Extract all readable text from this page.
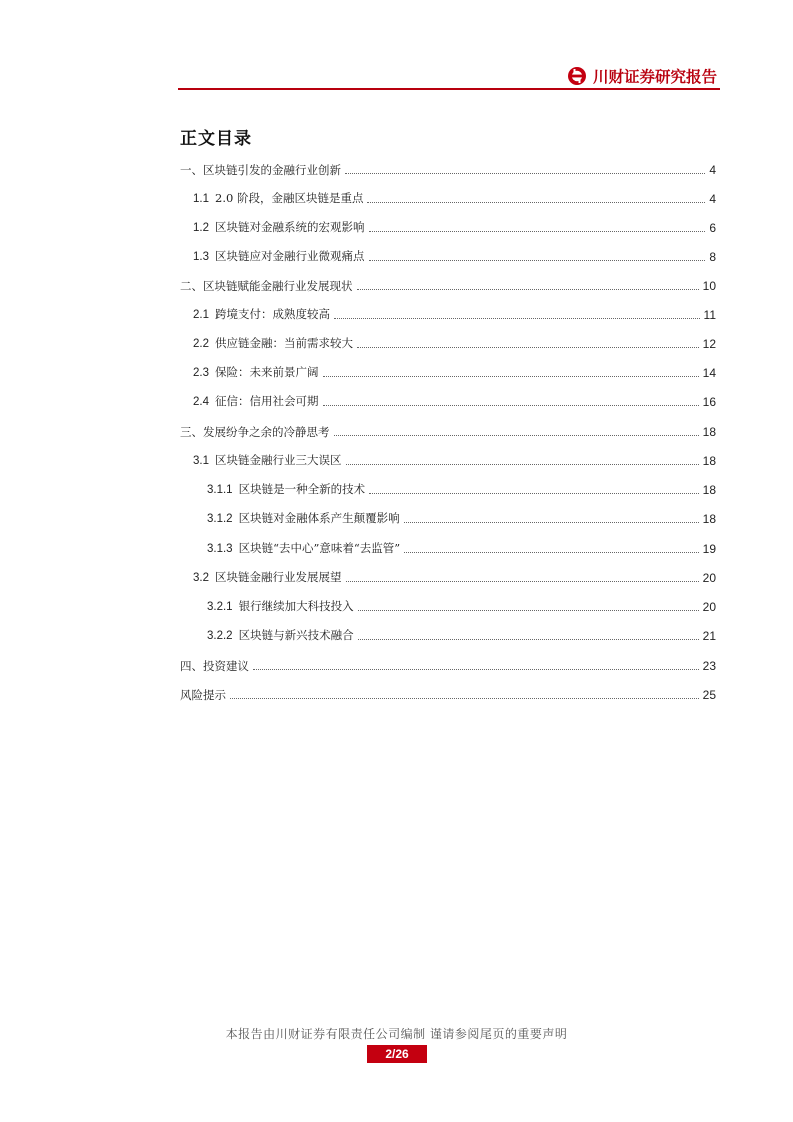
川财证券研究报告
正文目录
一、区块链引发的金融行业创新	4
1.1 2.0 阶段，金融区块链是重点	4
1.2 区块链对金融系统的宏观影响	6
1.3 区块链应对金融行业微观痛点	8
二、区块链赋能金融行业发展现状	10
2.1 跨境支付：成熟度较高	11
2.2 供应链金融：当前需求较大	12
2.3 保险：未来前景广阔	14
2.4 征信：信用社会可期	16
三、发展纷争之余的冷静思考	18
3.1 区块链金融行业三大误区	18
3.1.1 区块链是一种全新的技术	18
3.1.2 区块链对金融体系产生颠覆影响	18
3.1.3 区块链“去中心”意味着“去监管”	19
3.2 区块链金融行业发展展望	20
3.2.1 银行继续加大科技投入	20
3.2.2 区块链与新兴技术融合	21
四、投资建议	23
风险提示	25
本报告由川财证券有限责任公司编制 谨请参阅尾页的重要声明
2/26
